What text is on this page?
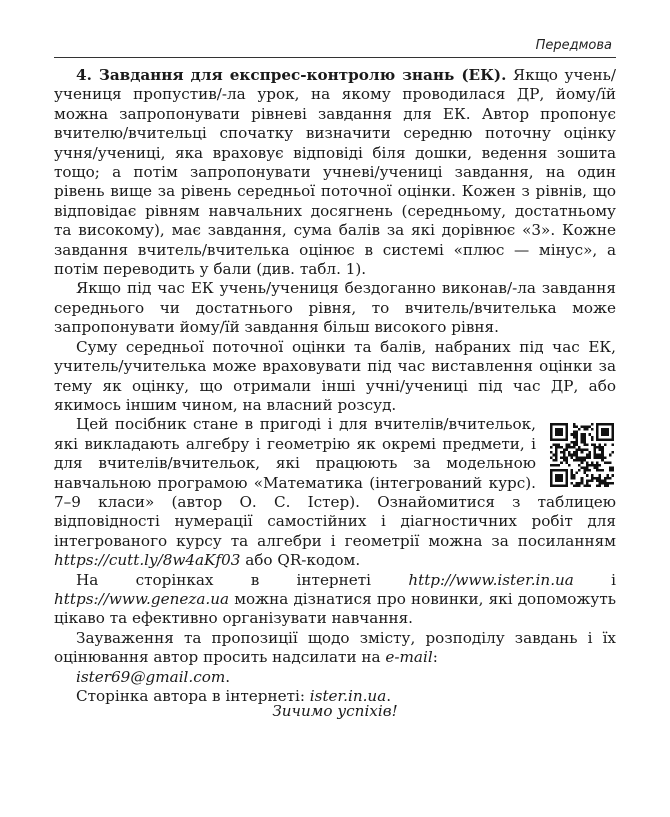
Передмова

4. Завдання для експрес-контролю знань (ЕК). Якщо учень/учениця пропустив/-ла урок, на якому проводилася ДР, йому/їй можна запропонувати рівневі завдання для ЕК. Автор пропонує вчителю/вчительці спочатку визначити середню поточну оцінку учня/учениці, яка враховує відповіді біля дошки, ведення зошита тощо; а потім запропонувати учневі/учениці завдання, на один рівень вище за рівень середньої поточної оцінки. Кожен з рівнів, що відповідає рівням навчальних досягнень (середньому, достатньому та високому), має завдання, сума балів за які дорівнює «3». Кожне завдання вчитель/вчителька оцінює в системі «плюс — мінус», а потім переводить у бали (див. табл. 1).

Якщо під час ЕК учень/учениця бездоганно виконав/-ла завдання середнього чи достатнього рівня, то вчитель/вчителька може запропонувати йому/їй завдання більш високого рівня.

Суму середньої поточної оцінки та балів, набраних під час ЕК, учитель/учителька може враховувати під час виставлення оцінки за тему як оцінку, що отримали інші учні/учениці під час ДР, або якимось іншим чином, на власний розсуд.

Цей посібник стане в пригоді і для вчителів/вчительок, які викладають алгебру і геометрію як окремі предмети, і для вчителів/вчительок, які працюють за модельною навчальною програмою «Математика (інтегрований курс). 7–9 класи» (автор О. С. Істер). Ознайомитися з таблицею відповідності нумерації самостійних і діагностичних робіт для інтегрованого курсу та алгебри і геометрії можна за посиланням https://cutt.ly/8w4aKf03 або QR-кодом.

На сторінках в інтернеті http://www.ister.in.ua і https://www.geneza.ua можна дізнатися про новинки, які допоможуть цікаво та ефективно організувати навчання.

Зауваження та пропозиції щодо змісту, розподілу завдань і їх оцінювання автор просить надсилати на e-mail:

ister69@gmail.com.

Сторінка автора в інтернеті: ister.in.ua.

Зичимо успіхів!
